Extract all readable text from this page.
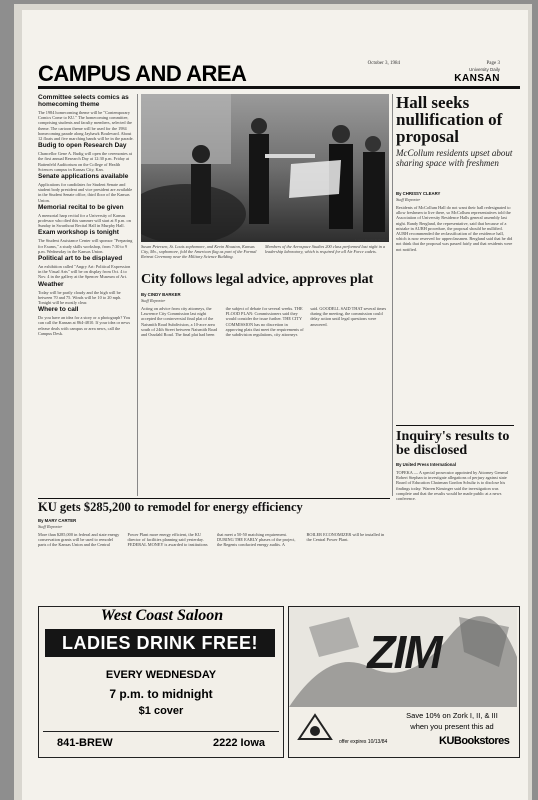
October 3, 1984	Page 3
University Daily
KANSAN
CAMPUS AND AREA
Committee selects comics as homecoming theme

The 1984 homecoming theme will be "Contemporary Comics Come to KU." The homecoming committee, comprising students and faculty members, selected the theme. The cartoon theme will be used for the 1984 homecoming parade along Jayhawk Boulevard. About 12 floats and five marching bands will be in the parade.

Budig to open Research Day

Chancellor Gene A. Budig will open the ceremonies at the first annual Research Day at 12:30 p.m. Friday at Battenfeld Auditorium on the College of Health Sciences campus in Kansas City, Kan.

Senate applications available

Applications for candidates for Student Senate and student body president and vice president are available in the Student Senate office, third floor of the Kansas Union.

Memorial recital to be given

A memorial harp recital for a University of Kansas professor who died this summer will start at 8 p.m. on Sunday in Swarthout Recital Hall in Murphy Hall.

Exam workshop is tonight

The Student Assistance Center will sponsor "Preparing for Exams," a study skills workshop, from 7:30 to 9 p.m. Wednesday in the Kansas Union.

Political art to be displayed

An exhibition called "Angry Art: Political Expression in the Visual Arts" will be on display from Oct. 4 to Nov. 4 in the gallery at the Spencer Museum of Art.

Weather

Today will be partly cloudy and the high will be between 70 and 75. Winds will be 10 to 20 mph. Tonight will be mostly clear.

Where to call

Do you have an idea for a story or a photograph? You can call the Kansan at 864-4810. If your idea or news release deals with campus or area news, call the Campus Desk.

Susan Petersen, St. Louis sophomore, and Kevin Houston, Kansas City, Mo., sophomore, fold the American flag as part of the Formal Retreat Ceremony near the Military Science Building.
Members of the Aerospace Studies 200 class performed last night in a leadership laboratory, which is required for all Air Force cadets.
Laurie Kennedy/Kansan
Hall seeks nullification of proposal
McCollum residents upset about sharing space with freshmen
By CHRISSY CLEARY
Staff Reporter
Residents of McCollum Hall do not want their hall redesignated to allow freshmen to live there, so McCollum representatives told the Association of University Residence Halls general assembly last night. Randy Bergland, the representative, said that because of a mistake in AURH procedure, the proposal should be nullified. AURH recommended the reclassification of the residence hall, which is now reserved for upperclassmen. Bergland said that he did not think that the proposal was passed fairly and that residents were not notified.
City follows legal advice, approves plat
By CINDY BARKER
Staff Reporter
Acting on advice from city attorneys, the Lawrence City Commission last night accepted the controversial final plat of the Naismith Road Subdivision, a 10-acre area south of 24th Street between Naismith Road and Ousdahl Road. The final plat had been the subject of debate for several weeks. THE FLOOD PLAN: Commissioners said they would consider the issue further. THE CITY COMMISSION has no discretion in approving plats that meet the requirements of the subdivision regulations, city attorneys said. GOODELL SAID THAT several times during the meeting, the commission could delay action until legal questions were answered.
Inquiry's results to be disclosed
By United Press International
TOPEKA — A special prosecutor appointed by Attorney General Robert Stephan to investigate allegations of perjury against state Board of Education Chairman Gordon Schultz is to disclose his findings today. Warren Kinsinger said the investigation was complete and that the results would be made public at a news conference.
KU gets $285,200 to remodel for energy efficiency
By MARY CARTER
Staff Reporter
More than $285,000 in federal and state energy conservation grants will be used to remodel parts of the Kansas Union and the Central Power Plant more energy efficient, the KU director of facilities planning said yesterday. FEDERAL MONEY is awarded to institutions that meet a 50-50 matching requirement. DURING THE EARLY phases of the project, the Regents conducted energy audits. A BOILER ECONOMIZER will be installed in the Central Power Plant.
West Coast Saloon
LADIES DRINK FREE!
EVERY WEDNESDAY
7 p.m. to midnight
$1 cover
841-BREW	2222 Iowa
ZIM
Save 10% on Zork I, II, & III
when you present this ad
offer expires 10/13/84	KUBookstores
